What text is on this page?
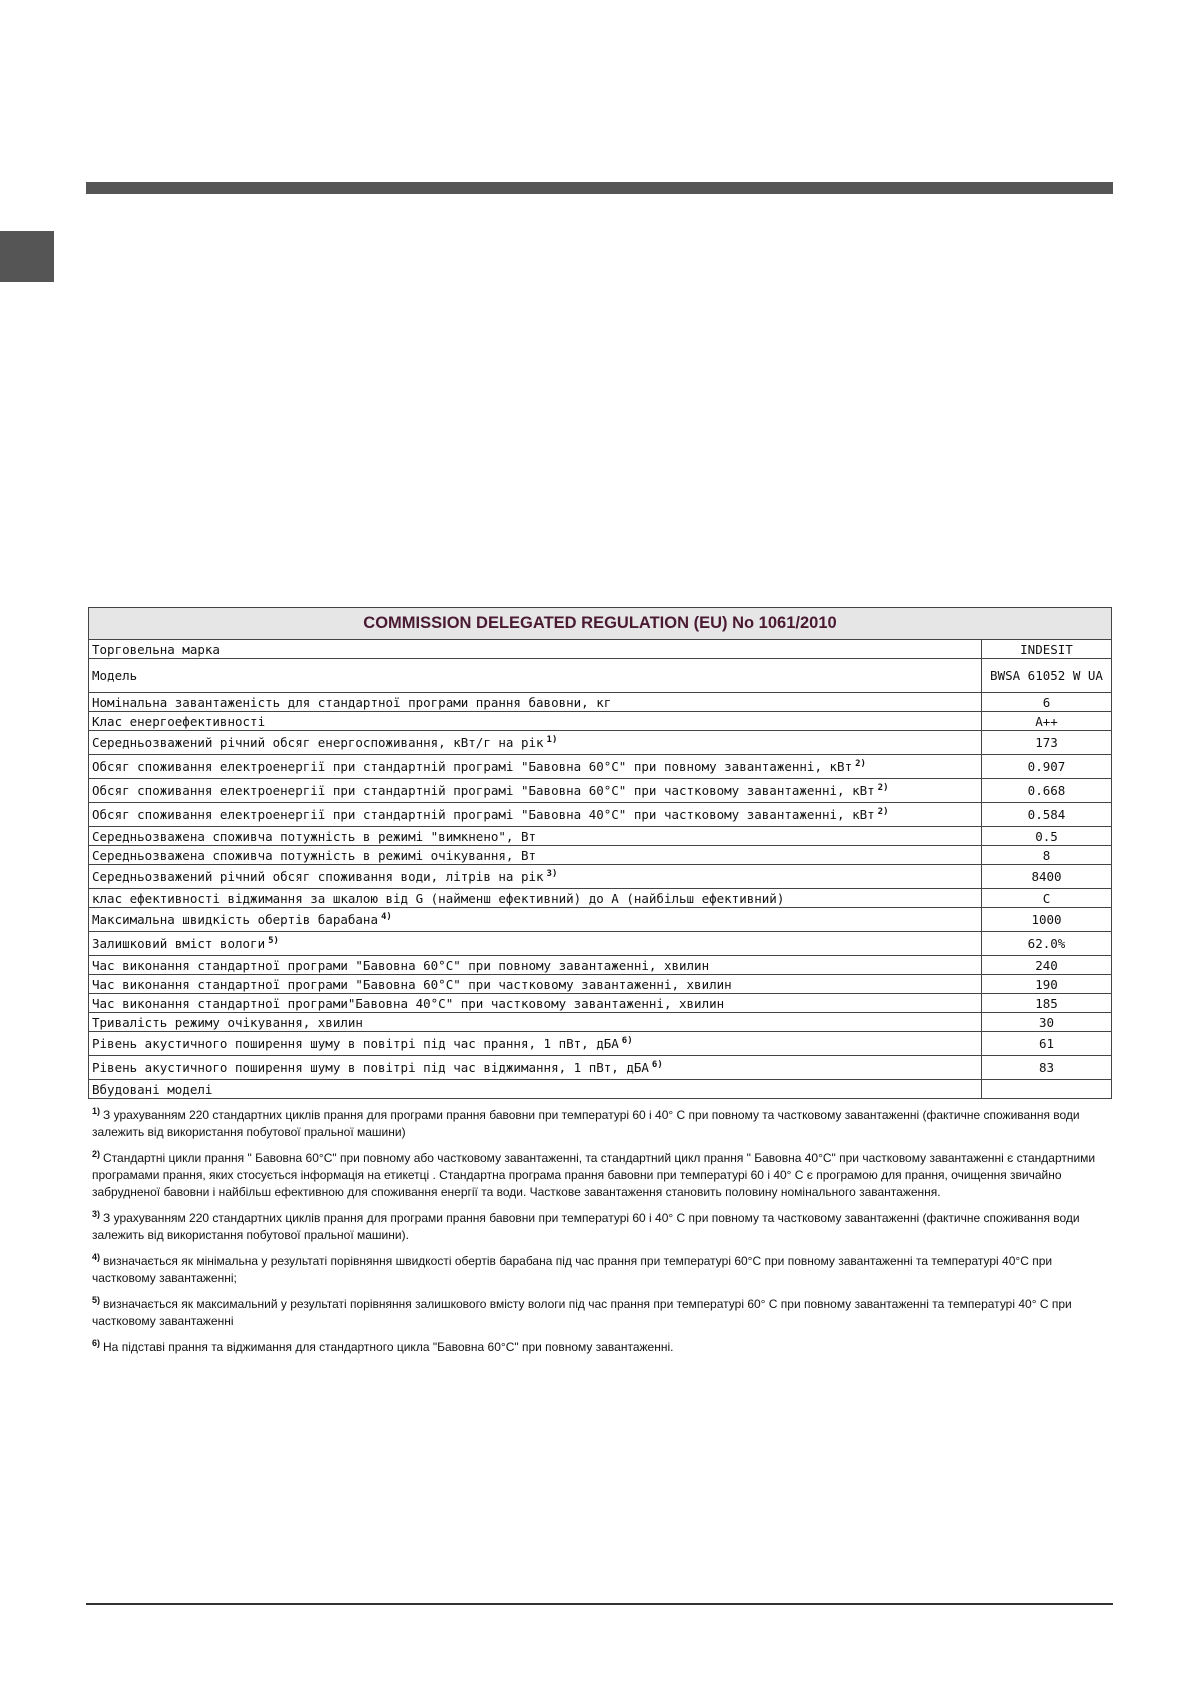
COMMISSION DELEGATED REGULATION (EU) No 1061/2010	
Торговельна марка	INDESIT
Модель	BWSA 61052 W UA
Номінальна завантаженість для стандартної програми прання бавовни, кг	6
Клас енергоефективності	A++
Середньозважений річний обсяг енергоспоживання, кВт/г на рік $^{1)}$	173
Обсяг споживання електроенергії при стандартній програмі "Бавовна 60°C" при повному завантаженні, кВт $^{2)}$	0.907
Обсяг споживання електроенергії при стандартній програмі "Бавовна 60°C" при частковому завантаженні, кВт $^{2)}$	0.668
Обсяг споживання електроенергії при стандартній програмі "Бавовна 40°C" при частковому завантаженні, кВт $^{2)}$	0.584
Середньозважена споживча потужність в режимі "вимкнено", Вт	0.5
Середньозважена споживча потужність в режимі очікування, Вт	8
Середньозважений річний обсяг споживання води, літрів на рік $^{3)}$	8400
клас ефективності віджимання за шкалою від G (найменш ефективний) до A (найбільш ефективний)	C
Максимальна швидкість обертів барабана $^{4)}$	1000
Залишковий вміст вологи $^{5)}$	62.0%
Час виконання стандартної програми "Бавовна 60°C" при повному завантаженні, хвилин	240
Час виконання стандартної програми "Бавовна 60°C" при частковому завантаженні, хвилин	190
Час виконання стандартної програми"Бавовна 40°C" при частковому завантаженні, хвилин	185
Тривалість режиму очікування, хвилин	30
Рівень акустичного поширення шуму в повітрі під час прання, 1 пВт, дБА $^{6)}$	61
Рівень акустичного поширення шуму в повітрі під час віджимання, 1 пВт, дБА $^{6)}$	83
Вбудовані моделі	

$^{1)}$ З урахуванням 220 стандартних циклів прання для програми прання бавовни при температурі 60 і 40° С при повному та частковому завантаженні (фактичне споживання води залежить від використання побутової пральної машини)

$^{2)}$ Стандартні цикли прання " Бавовна 60°C" при повному або частковому завантаженні, та стандартний цикл прання " Бавовна 40°C" при частковому завантаженні є стандартними програмами прання, яких стосується інформація на етикетці . Стандартна програма прання бавовни при температурі 60 і 40° С є програмою для прання, очищення звичайно забрудненої бавовни і найбільш ефективною для споживання енергії та води. Часткове завантаження становить половину номінального завантаження.

$^{3)}$ З урахуванням 220 стандартних циклів прання для програми прання бавовни при температурі 60 і 40° С при повному та частковому завантаженні (фактичне споживання води залежить від використання побутової пральної машини).

$^{4)}$ визначається як мінімальна у результаті порівняння швидкості обертів барабана під час прання при температурі 60°C при повному завантаженні та температурі 40°C при частковому завантаженні;

$^{5)}$ визначається як максимальний у результаті порівняння залишкового вмісту вологи під час прання при температурі 60° С при повному завантаженні та температурі 40° С при частковому завантаженні

$^{6)}$ На підставі прання та віджимання для стандартного цикла "Бавовна 60°C" при повному завантаженні.
